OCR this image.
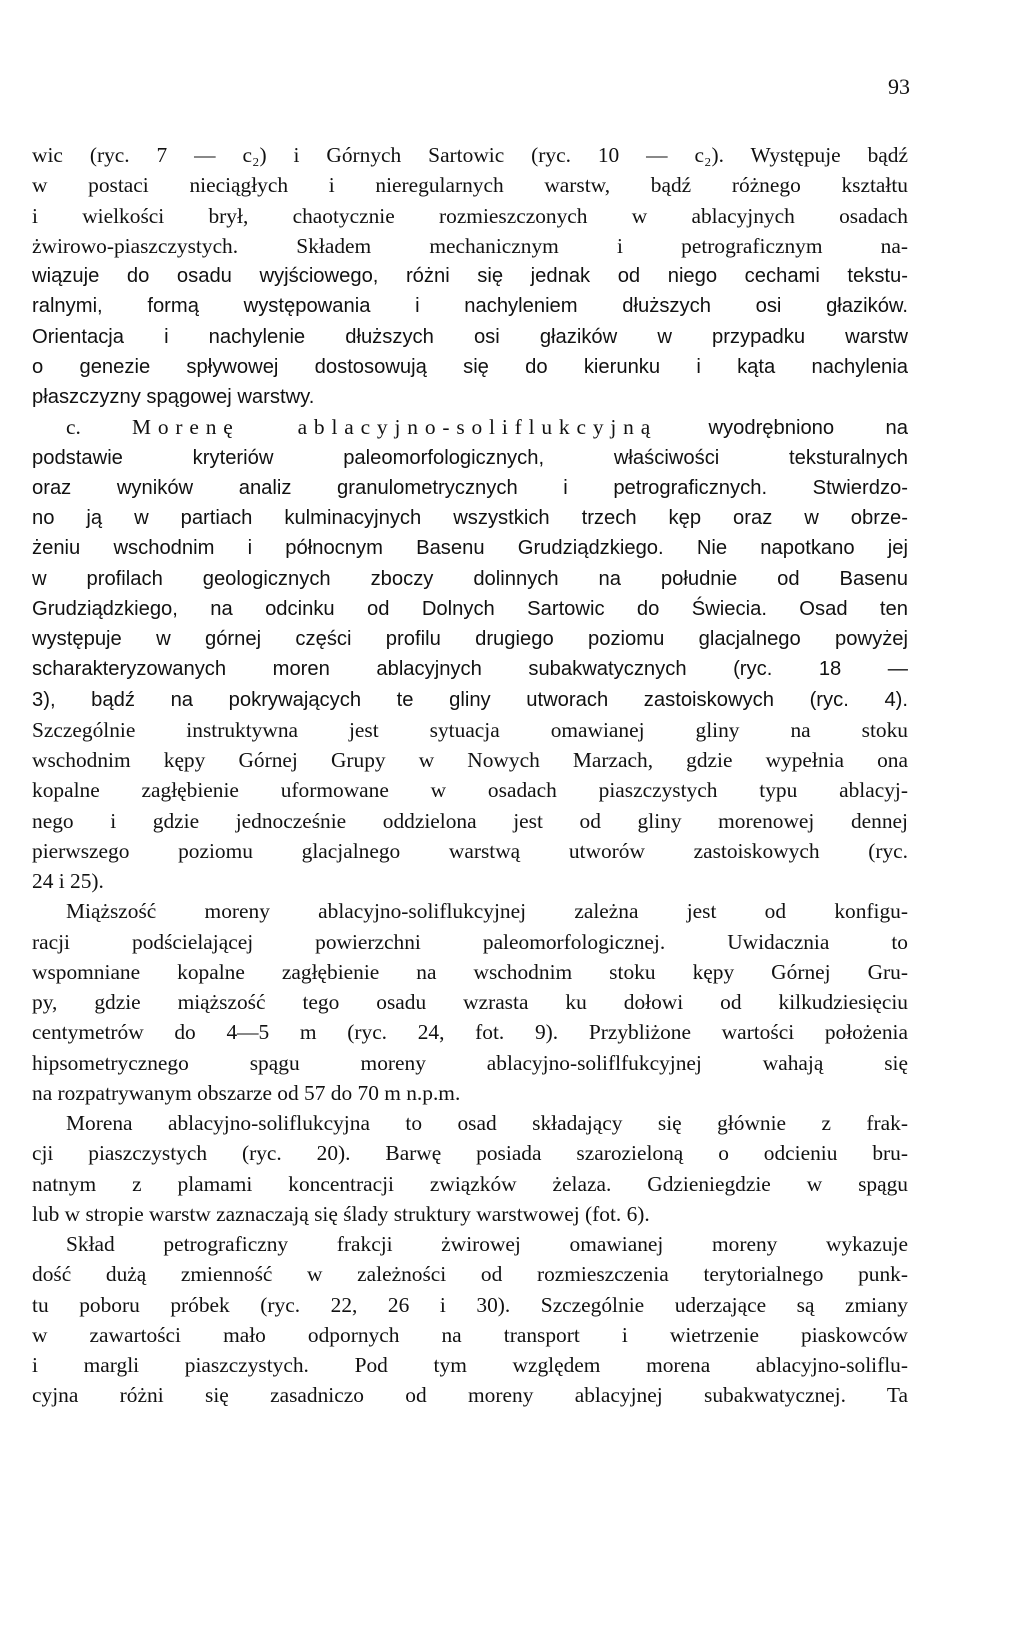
93
wic (ryc. 7 — c₂) i Górnych Sartowic (ryc. 10 — c₂). Występuje bądź
w postaci nieciągłych i nieregularnych warstw, bądź różnego kształtu
i wielkości brył, chaotycznie rozmieszczonych w ablacyjnych osadach
żwirowo-piaszczystych. Składem mechanicznym i petrograficznym na-
wiązuje do osadu wyjściowego, różni się jednak od niego cechami tekstu-
ralnymi, formą występowania i nachyleniem dłuższych osi głazików.
Orientacja i nachylenie dłuższych osi głazików w przypadku warstw
o genezie spływowej dostosowują się do kierunku i kąta nachylenia
płaszczyzny spągowej warstwy.
c. Morenę ablacyjno-soliflukcyjną wyodrębniono na
podstawie kryteriów paleomorfologicznych, właściwości teksturalnych
oraz wyników analiz granulometrycznych i petrograficznych. Stwierdzo-
no ją w partiach kulminacyjnych wszystkich trzech kęp oraz w obrze-
żeniu wschodnim i północnym Basenu Grudziądzkiego. Nie napotkano jej
w profilach geologicznych zboczy dolinnych na południe od Basenu
Grudziądzkiego, na odcinku od Dolnych Sartowic do Świecia. Osad ten
występuje w górnej części profilu drugiego poziomu glacjalnego powyżej
scharakteryzowanych moren ablacyjnych subakwatycznych (ryc. 18 —
3), bądź na pokrywających te gliny utworach zastoiskowych (ryc. 4).
Szczególnie instruktywna jest sytuacja omawianej gliny na stoku
wschodnim kępy Górnej Grupy w Nowych Marzach, gdzie wypełnia ona
kopalne zagłębienie uformowane w osadach piaszczystych typu ablacyj-
nego i gdzie jednocześnie oddzielona jest od gliny morenowej dennej
pierwszego poziomu glacjalnego warstwą utworów zastoiskowych (ryc.
24 i 25).
Miąższość moreny ablacyjno-soliflukcyjnej zależna jest od konfigu-
racji podścielającej powierzchni paleomorfologicznej. Uwidacznia to
wspomniane kopalne zagłębienie na wschodnim stoku kępy Górnej Gru-
py, gdzie miąższość tego osadu wzrasta ku dołowi od kilkudziesięciu
centymetrów do 4—5 m (ryc. 24, fot. 9). Przybliżone wartości położenia
hipsometrycznego spągu moreny ablacyjno-soliflfukcyjnej wahają się
na rozpatrywanym obszarze od 57 do 70 m n.p.m.
Morena ablacyjno-soliflukcyjna to osad składający się głównie z frak-
cji piaszczystych (ryc. 20). Barwę posiada szarozieloną o odcieniu bru-
natnym z plamami koncentracji związków żelaza. Gdzieniegdzie w spągu
lub w stropie warstw zaznaczają się ślady struktury warstwowej (fot. 6).
Skład petrograficzny frakcji żwirowej omawianej moreny wykazuje
dość dużą zmienność w zależności od rozmieszczenia terytorialnego punk-
tu poboru próbek (ryc. 22, 26 i 30). Szczególnie uderzające są zmiany
w zawartości mało odpornych na transport i wietrzenie piaskowców
i margli piaszczystych. Pod tym względem morena ablacyjno-soliflu-
cyjna różni się zasadniczo od moreny ablacyjnej subakwatycznej. Ta
